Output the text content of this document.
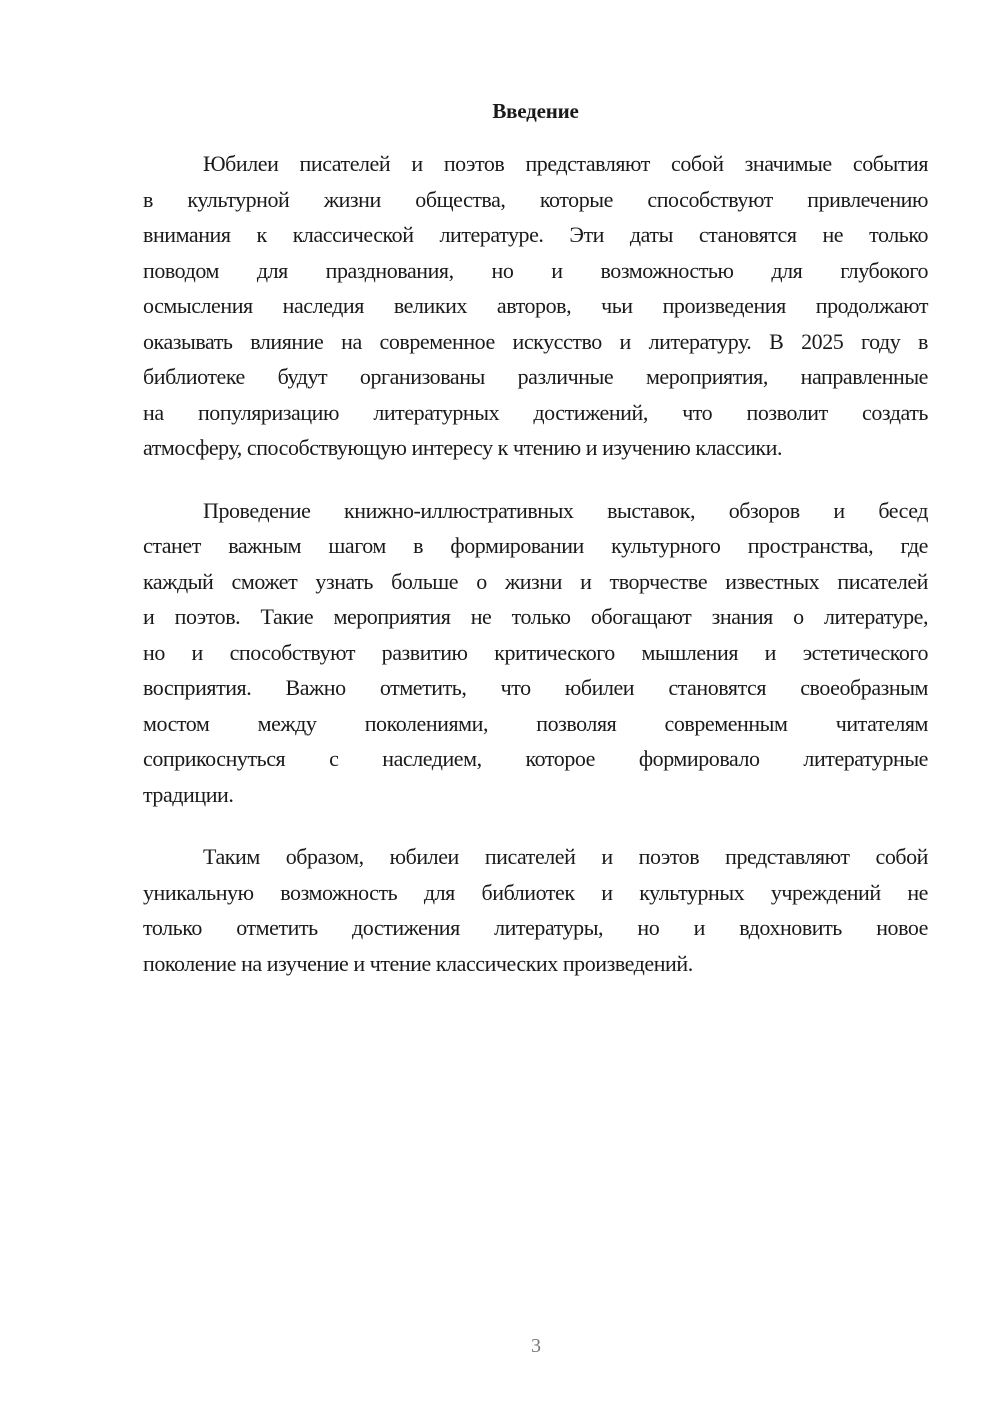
Введение
Юбилеи писателей и поэтов представляют собой значимые события
в культурной жизни общества, которые способствуют привлечению
внимания к классической литературе. Эти даты становятся не только
поводом для празднования, но и возможностью для глубокого
осмысления наследия великих авторов, чьи произведения продолжают
оказывать влияние на современное искусство и литературу. В 2025 году в
библиотеке будут организованы различные мероприятия, направленные
на популяризацию литературных достижений, что позволит создать
атмосферу, способствующую интересу к чтению и изучению классики.
Проведение книжно-иллюстративных выставок, обзоров и бесед
станет важным шагом в формировании культурного пространства, где
каждый сможет узнать больше о жизни и творчестве известных писателей
и поэтов. Такие мероприятия не только обогащают знания о литературе,
но и способствуют развитию критического мышления и эстетического
восприятия. Важно отметить, что юбилеи становятся своеобразным
мостом между поколениями, позволяя современным читателям
соприкоснуться с наследием, которое формировало литературные
традиции.
Таким образом, юбилеи писателей и поэтов представляют собой
уникальную возможность для библиотек и культурных учреждений не
только отметить достижения литературы, но и вдохновить новое
поколение на изучение и чтение классических произведений.
3
